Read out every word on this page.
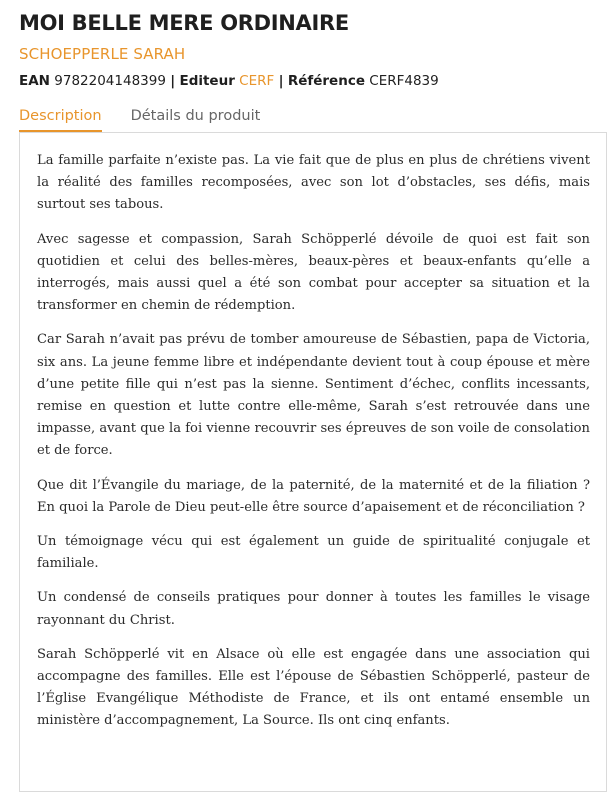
MOI BELLE MERE ORDINAIRE
SCHOEPPERLE SARAH
EAN 9782204148399 | Editeur CERF | Référence CERF4839
Description Détails du produit

La famille parfaite n’existe pas. La vie fait que de plus en plus de chrétiens vivent la réalité des familles recomposées, avec son lot d’obstacles, ses défis, mais surtout ses tabous.

Avec sagesse et compassion, Sarah Schöpperlé dévoile de quoi est fait son quotidien et celui des belles-mères, beaux-pères et beaux-enfants qu’elle a interrogés, mais aussi quel a été son combat pour accepter sa situation et la transformer en chemin de rédemption.

Car Sarah n’avait pas prévu de tomber amoureuse de Sébastien, papa de Victoria, six ans. La jeune femme libre et indépendante devient tout à coup épouse et mère d’une petite fille qui n’est pas la sienne. Sentiment d’échec, conflits incessants, remise en question et lutte contre elle-même, Sarah s’est retrouvée dans une impasse, avant que la foi vienne recouvrir ses épreuves de son voile de consolation et de force.

Que dit l’Évangile du mariage, de la paternité, de la maternité et de la filiation ? En quoi la Parole de Dieu peut-elle être source d’apaisement et de réconciliation ?

Un témoignage vécu qui est également un guide de spiritualité conjugale et familiale.

Un condensé de conseils pratiques pour donner à toutes les familles le visage rayonnant du Christ.

Sarah Schöpperlé vit en Alsace où elle est engagée dans une association qui accompagne des familles. Elle est l’épouse de Sébastien Schöpperlé, pasteur de l’Église Evangélique Méthodiste de France, et ils ont entamé ensemble un ministère d’accompagnement, La Source. Ils ont cinq enfants.
